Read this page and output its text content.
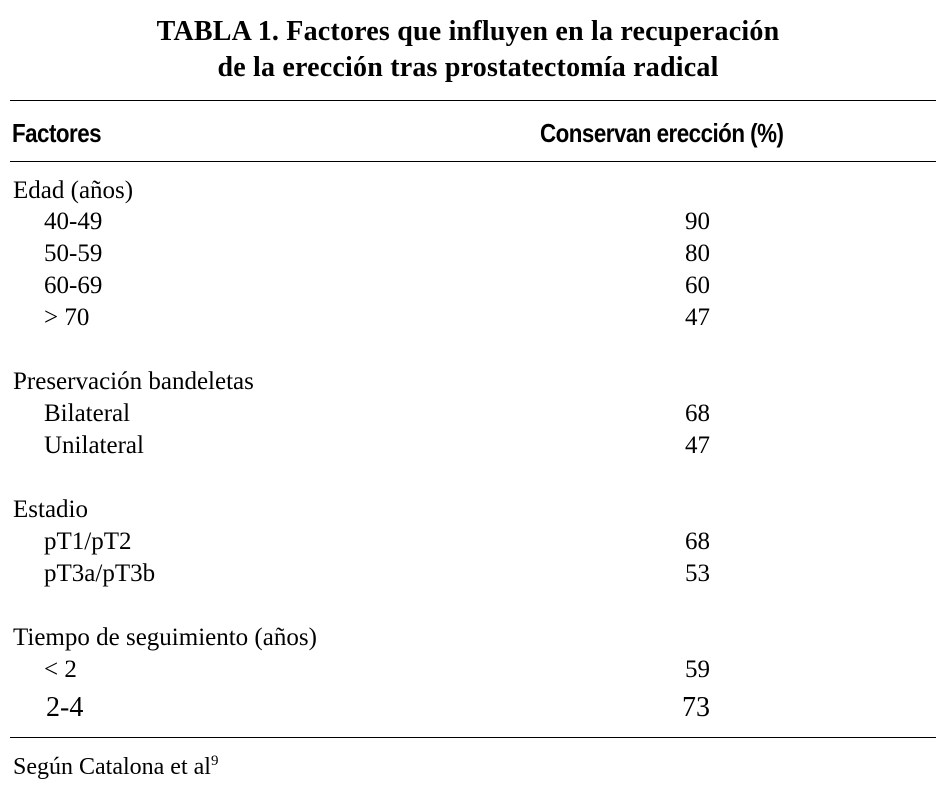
TABLA 1. Factores que influyen en la recuperación
de la erección tras prostatectomía radical
Factores	Conservan erección (%)
Edad (años)
40-49	90
50-59	80
60-69	60
> 70	47
Preservación bandeletas
Bilateral	68
Unilateral	47
Estadio
pT1/pT2	68
pT3a/pT3b	53
Tiempo de seguimiento (años)
< 2	59
2-4	73
Según Catalona et $al^9$
